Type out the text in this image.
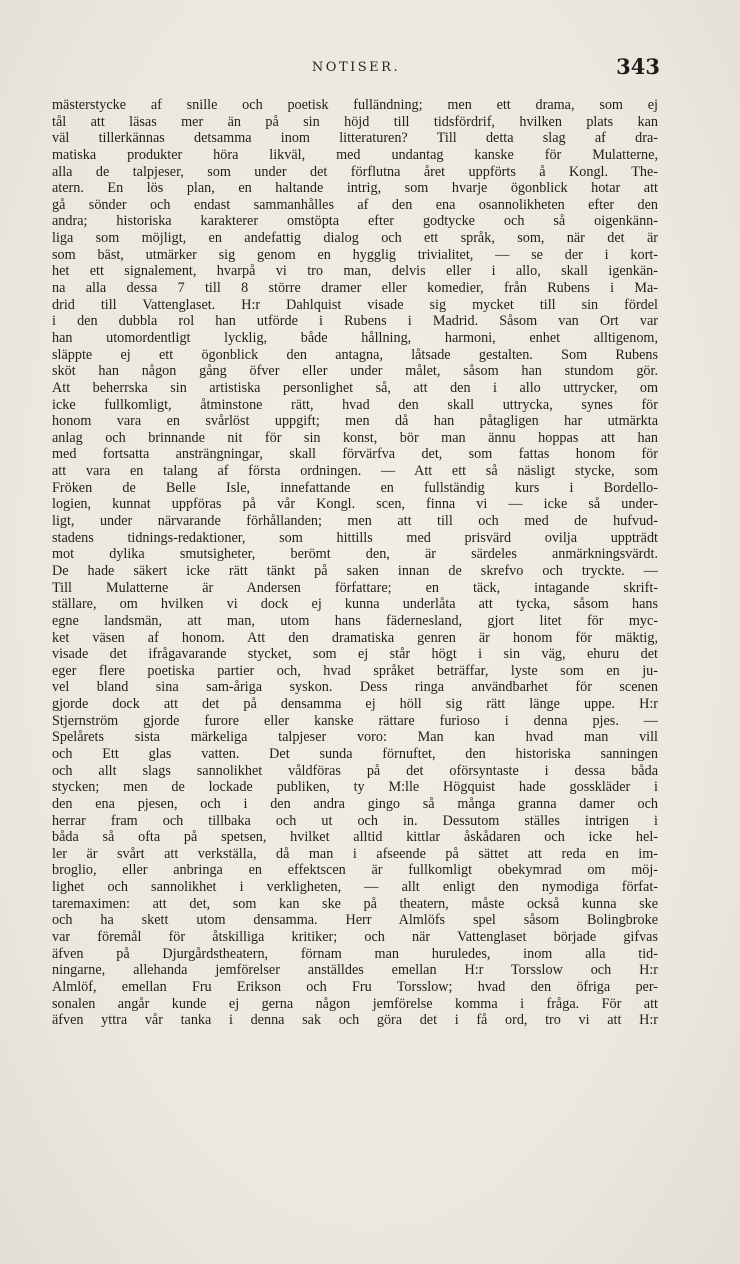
NOTISER.	343
mästerstycke af snille och poetisk fulländning; men ett drama, som ej
tål att läsas mer än på sin höjd till tidsfördrif, hvilken plats kan
väl tillerkännas detsamma inom litteraturen? Till detta slag af dra-
matiska produkter höra likväl, med undantag kanske för Mulatterne,
alla de talpjeser, som under det förflutna året uppförts å Kongl. The-
atern. En lös plan, en haltande intrig, som hvarje ögonblick hotar att
gå sönder och endast sammanhålles af den ena osannolikheten efter den
andra; historiska karakterer omstöpta efter godtycke och så oigenkänn-
liga som möjligt, en andefattig dialog och ett språk, som, när det är
som bäst, utmärker sig genom en hygglig trivialitet, — se der i kort-
het ett signalement, hvarpå vi tro man, delvis eller i allo, skall igenkän-
na alla dessa 7 till 8 större dramer eller komedier, från Rubens i Ma-
drid till Vattenglaset. H:r Dahlquist visade sig mycket till sin fördel
i den dubbla rol han utförde i Rubens i Madrid. Såsom van Ort var
han utomordentligt lycklig, både hållning, harmoni, enhet alltigenom,
släppte ej ett ögonblick den antagna, låtsade gestalten. Som Rubens
sköt han någon gång öfver eller under målet, såsom han stundom gör.
Att beherrska sin artistiska personlighet så, att den i allo uttrycker, om
icke fullkomligt, åtminstone rätt, hvad den skall uttrycka, synes för
honom vara en svårlöst uppgift; men då han påtagligen har utmärkta
anlag och brinnande nit för sin konst, bör man ännu hoppas att han
med fortsatta ansträngningar, skall förvärfva det, som fattas honom för
att vara en talang af första ordningen. — Att ett så näsligt stycke, som
Fröken de Belle Isle, innefattande en fullständig kurs i Bordello-
logien, kunnat uppföras på vår Kongl. scen, finna vi — icke så under-
ligt, under närvarande förhållanden; men att till och med de hufvud-
stadens tidnings-redaktioner, som hittills med prisvärd ovilja uppträdt
mot dylika smutsigheter, berömt den, är särdeles anmärkningsvärdt.
De hade säkert icke rätt tänkt på saken innan de skrefvo och tryckte. —
Till Mulatterne är Andersen författare; en täck, intagande skrift-
ställare, om hvilken vi dock ej kunna underlåta att tycka, såsom hans
egne landsmän, att man, utom hans fädernesland, gjort litet för myc-
ket väsen af honom. Att den dramatiska genren är honom för mäktig,
visade det ifrågavarande stycket, som ej står högt i sin väg, ehuru det
eger flere poetiska partier och, hvad språket beträffar, lyste som en ju-
vel bland sina sam-åriga syskon. Dess ringa användbarhet för scenen
gjorde dock att det på densamma ej höll sig rätt länge uppe. H:r
Stjernström gjorde furore eller kanske rättare furioso i denna pjes. —
Spelårets sista märkeliga talpjeser voro: Man kan hvad man vill
och Ett glas vatten. Det sunda förnuftet, den historiska sanningen
och allt slags sannolikhet våldföras på det oförsyntaste i dessa båda
stycken; men de lockade publiken, ty M:lle Högquist hade gosskläder i
den ena pjesen, och i den andra gingo så många granna damer och
herrar fram och tillbaka och ut och in. Dessutom ställes intrigen i
båda så ofta på spetsen, hvilket alltid kittlar åskådaren och icke hel-
ler är svårt att verkställa, då man i afseende på sättet att reda en im-
broglio, eller anbringa en effektscen är fullkomligt obekymrad om möj-
lighet och sannolikhet i verkligheten, — allt enligt den nymodiga förfat-
taremaximen: att det, som kan ske på theatern, måste också kunna ske
och ha skett utom densamma. Herr Almlöfs spel såsom Bolingbroke
var föremål för åtskilliga kritiker; och när Vattenglaset började gifvas
äfven på Djurgårdstheatern, förnam man huruledes, inom alla tid-
ningarne, allehanda jemförelser anställdes emellan H:r Torsslow och H:r
Almlöf, emellan Fru Erikson och Fru Torsslow; hvad den öfriga per-
sonalen angår kunde ej gerna någon jemförelse komma i fråga. För att
äfven yttra vår tanka i denna sak och göra det i få ord, tro vi att H:r
